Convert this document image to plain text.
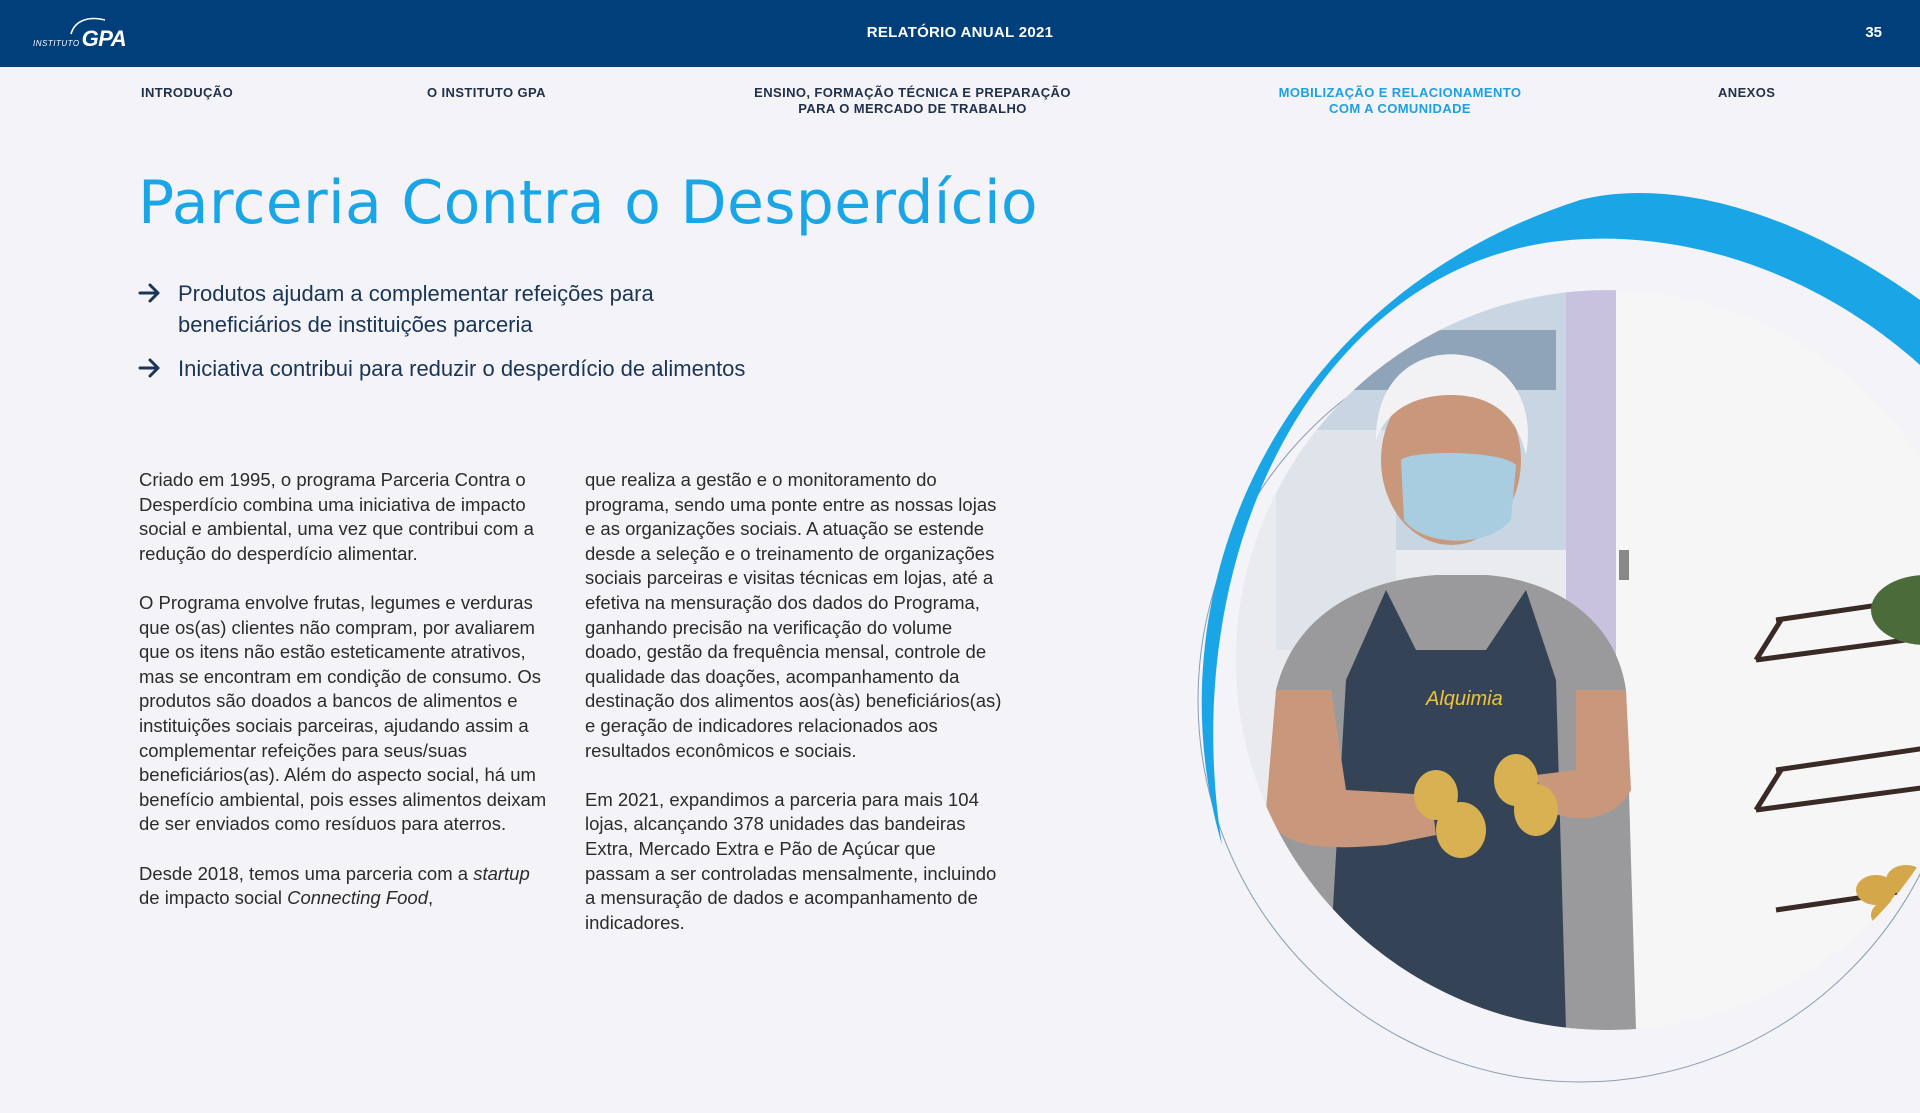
INSTITUTO GPA	RELATÓRIO ANUAL 2021	35
INTRODUÇÃO	O INSTITUTO GPA	ENSINO, FORMAÇÃO TÉCNICA E PREPARAÇÃO
PARA O MERCADO DE TRABALHO
MOBILIZAÇÃO E RELACIONAMENTO
COM A COMUNIDADE
ANEXOS
Parceria Contra o Desperdício
Produtos ajudam a complementar refeições para beneficiários de instituições parceria
Iniciativa contribui para reduzir o desperdício de alimentos

Criado em 1995, o programa Parceria Contra o Desperdício combina uma iniciativa de impacto social e ambiental, uma vez que contribui com a redução do desperdício alimentar.

O Programa envolve frutas, legumes e verduras que os(as) clientes não compram, por avaliarem que os itens não estão esteticamente atrativos, mas se encontram em condição de consumo. Os produtos são doados a bancos de alimentos e instituições sociais parceiras, ajudando assim a complementar refeições para seus/suas beneficiários(as). Além do aspecto social, há um benefício ambiental, pois esses alimentos deixam de ser enviados como resíduos para aterros.

Desde 2018, temos uma parceria com a startup de impacto social Connecting Food,

que realiza a gestão e o monitoramento do programa, sendo uma ponte entre as nossas lojas e as organizações sociais. A atuação se estende desde a seleção e o treinamento de organizações sociais parceiras e visitas técnicas em lojas, até a efetiva na mensuração dos dados do Programa, ganhando precisão na verificação do volume doado, gestão da frequência mensal, controle de qualidade das doações, acompanhamento da destinação dos alimentos aos(às) beneficiários(as) e geração de indicadores relacionados aos resultados econômicos e sociais.

Em 2021, expandimos a parceria para mais 104 lojas, alcançando 378 unidades das bandeiras Extra, Mercado Extra e Pão de Açúcar que passam a ser controladas mensalmente, incluindo a mensuração de dados e acompanhamento de indicadores.

Alquimia
